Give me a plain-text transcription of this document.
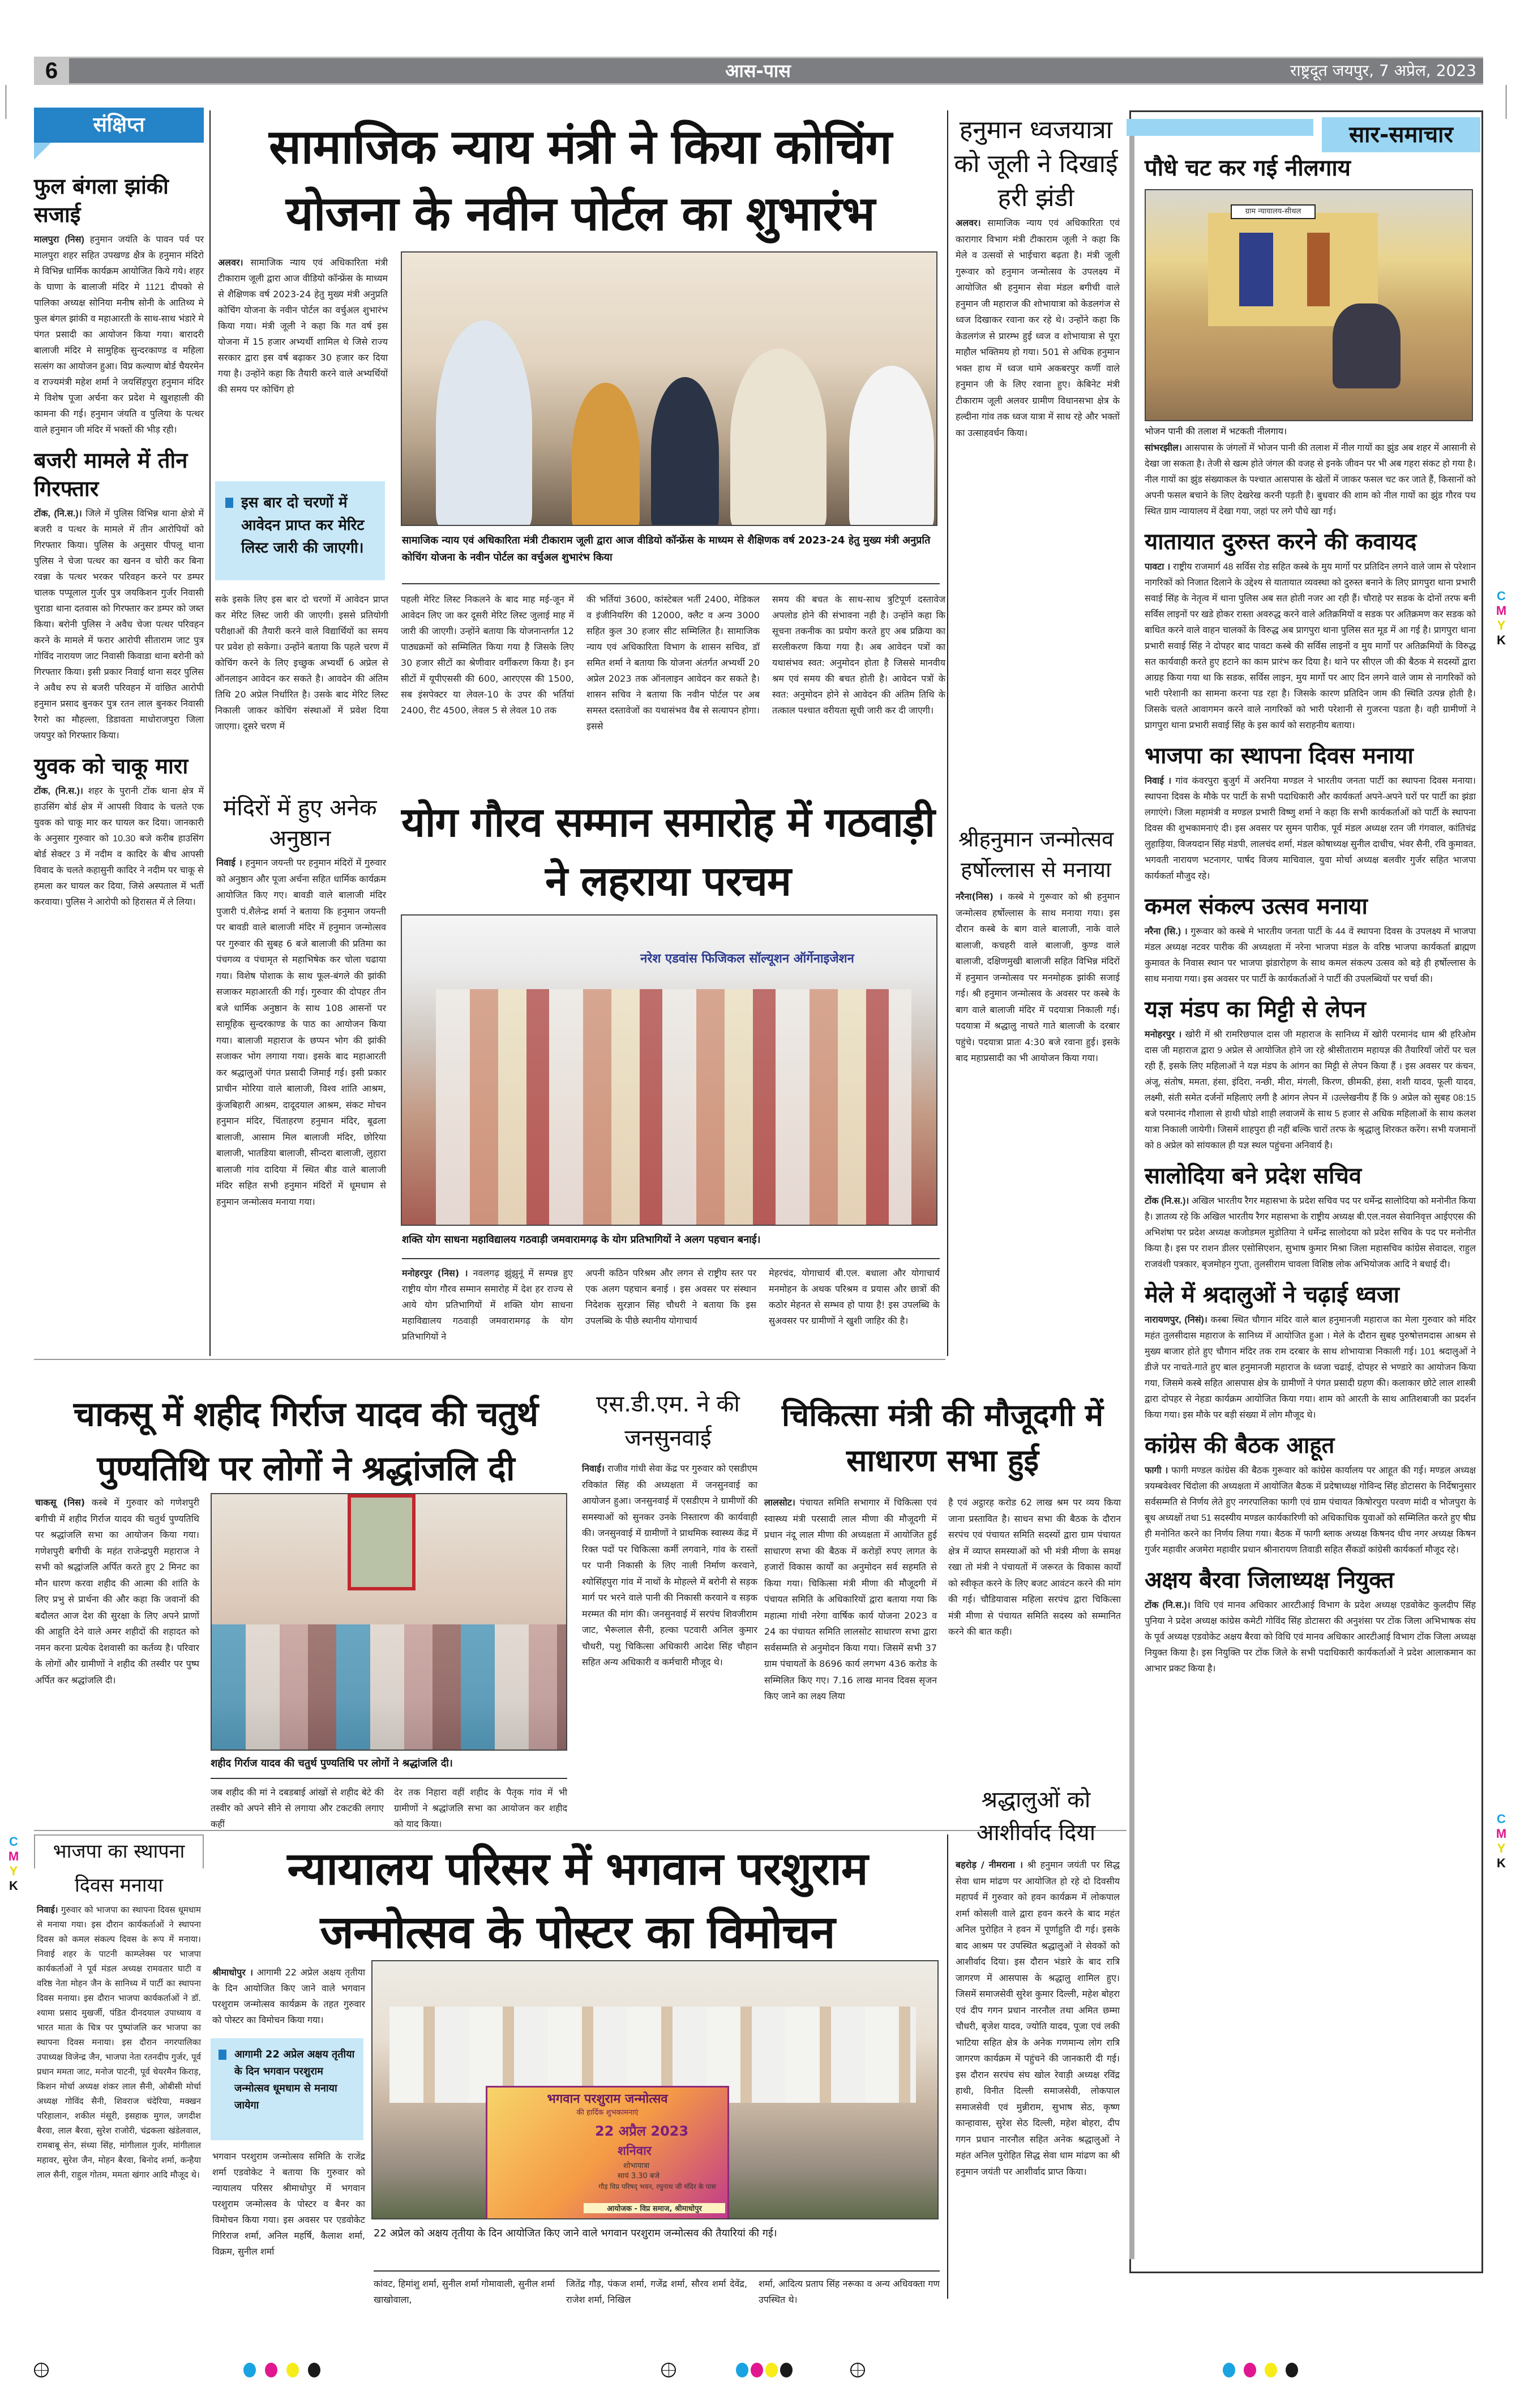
6	आस-पास	राष्ट्रदूत जयपुर, 7 अप्रेल, 2023
संक्षिप्त
फुल बंगला झांकी सजाई
मालपुरा (निस) हनुमान जयंति के पावन पर्व पर मालपुरा शहर सहित उपखण्ड क्षैत्र के हनुमान मंदिरो मे विभिन्न धार्मिक कार्यक्रम आयोजित किये गये। शहर के घाणा के बालाजी मंदिर मे 1121 दीपको से पालिका अध्यक्ष सोनिया मनीष सोनी के आतिथ्य मे फुल बंगल झांकी व महाआरती के साथ-साथ भंडारे मे पंगत प्रसादी का आयोजन किया गया। बारादरी बालाजी मंदिर मे सामुहिक सुन्दरकाण्ड व महिला सत्संग का आयोजन हुआ। विप्र कल्याण बोर्ड चैयरमेन व राज्यमंत्री महेश शर्मा ने जयसिंहपुरा हनुमान मंदिर मे विशेष पूजा अर्चना कर प्रदेश मे खुशहाली की कामना की गई। हनुमान जंयति व पुलिया के पत्थर वाले हनुमान जी मंदिर में भक्तों की भीड़ रही।
बजरी मामले में तीन गिरफ्तार
टोंक, (नि.स.)। जिले में पुलिस विभिन्न थाना क्षेत्रो में बजरी व पत्थर के मामले में तीन आरोपियों को गिरफ्तार किया। पुलिस के अनुसार पीपलू थाना पुलिस ने चेजा पत्थर का खनन व चोरी कर बिना रवन्ना के पत्थर भरकर परिवहन करने पर डम्पर चालक पप्पूलाल गुर्जर पुत्र जयकिशन गुर्जर निवासी चुराडा थाना दतवास को गिरफ्तार कर डम्पर को जब्त किया। बरोनी पुलिस ने अवैध चेजा पत्थर परिवहन करने के मामले में फरार आरोपी सीताराम जाट पुत्र गोविंद नारायण जाट निवासी किवाडा थाना बरोनी को गिरफ्तार किया। इसी प्रकार निवाई थाना सदर पुलिस ने अवैध रुप से बजरी परिवहन में वांछित आरोपी हनुमान प्रसाद बुनकर पुत्र रतन लाल बुनकर निवासी रैगरो का मौहल्ला, डिडावता माधोराजपुरा जिला जयपुर को गिरफ्तार किया।
युवक को चाकू मारा
टोंक, (नि.स.)। शहर के पुरानी टोंक थाना क्षेत्र में हाउसिंग बोर्ड क्षेत्र में आपसी विवाद के चलते एक युवक को चाकू मार कर घायल कर दिया। जानकारी के अनुसार गुरुवार को 10.30 बजे करीब हाउसिंग बोर्ड सेक्टर 3 में नदीम व कादिर के बीच आपसी विवाद के चलते कहासुनी कादिर ने नदीम पर चाकू से हमला कर घायल कर दिया, जिसे अस्पताल में भर्ती करवाया। पुलिस ने आरोपी को हिरासत में ले लिया।
सामाजिक न्याय मंत्री ने किया कोचिंग योजना के नवीन पोर्टल का शुभारंभ
अलवर। सामाजिक न्याय एवं अधिकारिता मंत्री टीकाराम जूली द्वारा आज वीडियो कॉन्फ्रेंस के माध्यम से शैक्षिणक वर्ष 2023-24 हेतु मुख्य मंत्री अनुप्रति कोचिंग योजना के नवीन पोर्टल का वर्चुअल शुभारंभ किया गया। मंत्री जूली ने कहा कि गत वर्ष इस योजना में 15 हजार अभ्यर्थी शामिल थे जिसे राज्य सरकार द्वारा इस वर्ष बढ़ाकर 30 हजार कर दिया गया है। उन्होंने कहा कि तैयारी करने वाले अभ्यर्थियों की समय पर कोचिंग हो
इस बार दो चरणों में आवेदन प्राप्त कर मेरिट लिस्ट जारी की जाएगी।	सामाजिक न्याय एवं अधिकारिता मंत्री टीकाराम जूली द्वारा आज वीडियो कॉन्फ्रेंस के माध्यम से शैक्षिणक वर्ष 2023-24 हेतु मुख्य मंत्री अनुप्रति कोचिंग योजना के नवीन पोर्टल का वर्चुअल शुभारंभ किया
सके इसके लिए इस बार दो चरणों में आवेदन प्राप्त कर मेरिट लिस्ट जारी की जाएगी। इससे प्रतियोगी परीक्षाओं की तैयारी करने वाले विद्यार्थियों का समय पर प्रवेश हो सकेगा। उन्होंने बताया कि पहले चरण में कोचिंग करने के लिए इच्छुक अभ्यर्थी 6 अप्रेल से ऑनलाइन आवेदन कर सकते है। आवदेन की अंतिम तिथि 20 अप्रेल निर्धारित है। उसके बाद मेरिट लिस्ट निकाली जाकर कोचिंग संस्थाओं में प्रवेश दिया जाएगा। दूसरे चरण में
पहली मेरिट लिस्ट निकलने के बाद माह मई-जून में आवेदन लिए जा कर दूसरी मेरिट लिस्ट जुलाई माह में जारी की जाएगी। उन्होंने बताया कि योजनान्तर्गत 12 पाठ्यक्रमों को सम्मिलित किया गया है जिसके लिए 30 हजार सीटों का श्रेणीवार वर्गीकरण किया है। इन सीटों में यूपीएससी की 600, आरएएस की 1500, सब इंसपेक्टर या लेवल-10 के उपर की भर्तियां 2400, रीट 4500, लेवल 5 से लेवल 10 तक
की भर्तियां 3600, कांस्टेबल भर्ती 2400, मेडिकल व इंजीनियरिंग की 12000, क्लैट व अन्य 3000 सहित कुल 30 हजार सीट सम्मिलित है। सामाजिक न्याय एवं अधिकारिता विभाग के शासन सचिव, डॉ समित शर्मा ने बताया कि योजना अंतर्गत अभ्यर्थी 20 अप्रेल 2023 तक ऑनलाइन आवेदन कर सकते है। शासन सचिव ने बताया कि नवीन पोर्टल पर अब समस्त दस्तावेजों का यथासंभव वैब से सत्यापन होगा। इससे
समय की बचत के साथ-साथ त्रुटिपूर्ण दस्तावेज अपलोड होने की संभावना नही है। उन्होंने कहा कि सूचना तकनीक का प्रयोग करते हुए अब प्रक्रिया का सरलीकरण किया गया है। अब आवेदन पत्रों का यथासंभव स्वत: अनुमोदन होता है जिससे मानवीय श्रम एवं समय की बचत होती है। आवेदन पत्रों के स्वत: अनुमोदन होने से आवेदन की अंतिम तिथि के तत्काल पश्चात वरीयता सूची जारी कर दी जाएगी।
हनुमान ध्वजयात्रा को जूली ने दिखाई हरी झंडी
अलवर। सामाजिक न्याय एवं अधिकारिता एवं कारागार विभाग मंत्री टीकाराम जूली ने कहा कि मेले व उत्सवों से भाईचारा बढ़ता है। मंत्री जूली गुरूवार को हनुमान जन्मोत्सव के उपलक्ष्य में आयोजित श्री हनुमान सेवा मंडल बगीची वाले हनुमान जी महाराज की शोभायात्रा को केडलगंज से ध्वज दिखाकर रवाना कर रहे थे। उन्होंने कहा कि केडलगंज से प्रारम्भ हुई ध्वज व शोभायात्रा से पूरा माहौल भक्तिमय हो गया। 501 से अधिक हनुमान भक्त हाथ में ध्वज थामे अकबरपुर कर्णी वाले हनुमान जी के लिए रवाना हुए। केबिनेट मंत्री टीकाराम जूली अलवर ग्रामीण विधानसभा क्षेत्र के हल्दीना गांव तक ध्वज यात्रा में साथ रहे और भक्तों का उत्साहवर्धन किया।
श्रीहनुमान जन्मोत्सव हर्षोल्लास से मनाया
नरैना(निस) । कस्बे मे गुरूवार को श्री हनुमान जन्मोत्सव हर्षोल्लास के साथ मनाया गया। इस दौरान कस्बे के बाग वाले बालाजी, नाके वाले बालाजी, कचहरी वाले बालाजी, कुण्ड वाले बालाजी, दक्षिणमुखी बालाजी सहित विभिन्न मंदिरों में हनुमान जन्मोत्सव पर मनमोहक झांकी सजाई गई। श्री हनुमान जन्मोत्सव के अवसर पर कस्बे के बाग वाले बालाजी मंदिर में पदयात्रा निकाली गई। पदयात्रा में श्रद्धालु नाचते गाते बालाजी के दरबार पहुंचे। पदयात्रा प्रातः 4:30 बजे रवाना हुई। इसके बाद महाप्रसादी का भी आयोजन किया गया।
सार-समाचार
पौधे चट कर गई नीलगाय
ग्राम न्यायालय-सीथल
भोजन पानी की तलाश में भटकती नीलगाय।
सांभरझील। आसपास के जंगलों में भोजन पानी की तलाश में नील गायों का झुंड अब शहर में आसानी से देखा जा सकता है। तेजी से खत्म होते जंगल की वजह से इनके जीवन पर भी अब गहरा संकट हो गया है। नील गायों का झुंड संख्याकल के पश्चात आसपास के खेतों में जाकर फसल चट कर जाते हैं, किसानों को अपनी फसल बचाने के लिए देखरेख करनी पड़ती है। बुधवार की शाम को नील गायों का झुंड गौरव पथ स्थित ग्राम न्यायालय में देखा गया, जहां पर लगे पौधे खा गई।
यातायात दुरुस्त करने की कवायद
पावटा । राष्ट्रीय राजमार्ग 48 सर्विस रोड सहित कस्बे के मुय मार्गो पर प्रतिदिन लगने वाले जाम से परेशान नागरिकों को निजात दिलाने के उद्देश्य से यातायात व्यवस्था को दुरुस्त बनाने के लिए प्रागपुरा थाना प्रभारी सवाई सिंह के नेतृत्व में थाना पुलिस अब सत होती नजर आ रही हैं। चौराहे पर सडक के दोनों तरफ बनी सर्विस लाइनों पर खडे होकर रास्ता अवरुद्ध करने वाले अतिक्रमियों व सडक पर अतिक्रमण कर सडक को बाधित करने वाले वाहन चालकों के विरुद्ध अब प्रागपुरा थाना पुलिस सत मूड में आ गई है। प्रागपुरा थाना प्रभारी सवाई सिंह ने दोपहर बाद पावटा कस्बे की सर्विस लाइनों व मुय मार्गो पर अतिक्रमियों के विरुद्ध सत कार्यवाही करते हुए हटाने का काम प्रारंभ कर दिया है। थाने पर सीएल जी की बैठक मे सदस्यों द्वारा आग्रह किया गया था कि सडक, सर्विस लाइन, मुय मार्गो पर आए दिन लगने वाले जाम से नागरिकों को भारी परेशानी का सामना करना पड रहा है। जिसके कारण प्रतिदिन जाम की स्थिति उत्पन्न होती है। जिसके चलते आवागमन करने वाले नागरिकों को भारी परेशानी से गुजरना पडता है। वही ग्रामीणों ने प्रागपुरा थाना प्रभारी सवाई सिंह के इस कार्य को सराहनीय बताया।
भाजपा का स्थापना दिवस मनाया
निवाई । गांव कंवरपुरा बुजुर्ग में अरनिया मण्डल ने भारतीय जनता पार्टी का स्थापना दिवस मनाया। स्थापना दिवस के मौके पर पार्टी के सभी पदाधिकारी और कार्यकर्ता अपने-अपने घरों पर पार्टी का झंडा लगाएंगे। जिला महामंत्री व मण्डल प्रभारी विष्णु शर्मा ने कहा कि सभी कार्यकर्ताओं को पार्टी के स्थापना दिवस की शुभकामनाएं दी। इस अवसर पर सुमन पारीक, पूर्व मंडल अध्यक्ष रतन जी गंगवाल, कांतिचंद्र लुहाड़िया, विजयदान सिंह मंडपी, लालचंद शर्मा, मंडल कोषाध्यक्ष सुनील दाधीच, भंवर सैनी, रवि कुमावत, भगवती नारायण भटनागर, पार्षद विजय माचिवाल, युवा मोर्चा अध्यक्ष बलवीर गुर्जर सहित भाजपा कार्यकर्ता मौजुद रहे।
कमल संकल्प उत्सव मनाया
नरैना (सि.) । गुरूवार को कस्बे मे भारतीय जनता पार्टी के 44 वें स्थापना दिवस के उपलक्ष्य में भाजपा मंडल अध्यक्ष नटवर पारीक की अध्यक्षता में नरेना भाजपा मंडल के वरिष्ठ भाजपा कार्यकर्ता ब्राह्मण कुमावत के निवास स्थान पर भाजपा झंडारोहण के साथ कमल संकल्प उत्सव को बड़े ही हर्षोल्लास के साथ मनाया गया। इस अवसर पर पार्टी के कार्यकर्ताओं ने पार्टी की उपलब्धियों पर चर्चा की।
यज्ञ मंडप का मिट्टी से लेपन
मनोहरपुर । खोरी में श्री रामरिछपाल दास जी महाराज के सानिध्य में खोरी परमानंद धाम श्री हरिओम दास जी महाराज द्वारा 9 अप्रेल से आयोजित होने जा रहे श्रीसीताराम महायज्ञ की तैयारियाँ जोरों पर चल रही हैं, इसके लिए महिलाओं ने यज्ञ मंडप के आंगन का मिट्टी से लेपन किया हैं । इस अवसर पर कंचन, अंजू, संतोष, ममता, हंसा, इंदिरा, नन्छी, मीरा, मंगली, किरण, छीमकी, हंसा, शशी यादव, फूली यादव, लक्ष्मी, संती समेत दर्जनों महिलाएं लगी है आंगन लेपन में ।उल्लेखनीय हैं कि 9 अप्रेल को सुबह 08:15 बजे परमानंद गौशाला से हाथी घोडो शाही लवाजमें के साथ 5 हजार से अधिक महिलाओं के साथ कलश यात्रा निकाली जायेगी। जिसमें शाहपुरा ही नहीं बल्कि चारों तरफ के श्रृद्धालु शिरकत करेंग। सभी यजमानों को 8 अप्रेल को सांयकाल ही यज्ञ स्थल पहुंचना अनिवार्य है।
सालोदिया बने प्रदेश सचिव
टोंक (नि.स.)। अखिल भारतीय रैगर महासभा के प्रदेश सचिव पद पर धर्मेन्द्र सालोदिया को मनोनीत किया है। ज्ञातव्य रहे कि अखिल भारतीय रैगर महासभा के राष्ट्रीय अध्यक्ष बी.एल.नवल सेवानिवृत्त आईएएस की अभिशंषा पर प्रदेश अध्यक्ष कजोडमल मुडोतिया ने धर्मेन्द्र सालोदया को प्रदेश सचिव के पद पर मनोनीत किया है। इस पर राशन डीलर एसोसिएशन, सुभाष कुमार मिश्रा जिला महासचिव कांग्रेस सेवादल, राहुल राजवंशी पत्रकार, बृजमोहन गुप्ता, तुलसीराम चावला विशिष्ठ लोक अभियोजक आदि ने बधाई दी।
मेले में श्रदालुओं ने चढ़ाई ध्वजा
नारायणपुर, (निसं)। कस्बा स्थित चौगान मंदिर वाले बाल हनुमानजी महाराज का मेला गुरुवार को मंदिर महंत तुलसीदास महाराज के सानिध्य में आयोजित हुआ । मेले के दौरान सुबह पुरुषोत्तमदास आश्रम से मुख्य बाजार होते हुए चौगान मंदिर तक राम दरबार के साथ शोभायात्रा निकाली गई। 101 श्रदालुओं ने डीजे पर नाचते-गाते हुए बाल हनुमानजी महाराज के ध्वजा चढाई, दोपहर से भण्डारे का आयोजन किया गया, जिसमे कस्बे सहित आसपास क्षेत्र के ग्रामीणों ने पंगत प्रसादी ग्रहण की। कलाकार छोटे लाल शास्त्री द्वारा दोपहर से नेहडा कार्यक्रम आयोजित किया गया। शाम को आरती के साथ आतिशबाजी का प्रदर्शन किया गया। इस मौके पर बड़ी संख्या में लोग मौजूद थे।
कांग्रेस की बैठक आहूत
फागी । फागी मण्डल कांग्रेस की बैठक गुरूवार को कांग्रेस कार्यालय पर आहूत की गई। मण्डल अध्यक्ष त्रयम्बवेश्वर चिंदोला की अध्यक्षता में आयोजित बैठक में प्रदेषाध्यक्ष गोविन्द सिंह डोटासरा के निर्देषानुसार सर्वसम्मति से निर्णय लेते हुए नगरपालिका फागी एवं ग्राम पंचायत किषोरपुरा परवण मांदी व भोजपुरा के बूथ अध्यक्षों तथा 51 सदस्यीय मण्डल कार्यकारिणी को अधिकाधिक युवाओं को सम्मिलित करते हुए षीघ्र ही मनोनित करने का निर्णय लिया गया। बैठक में फागी ब्लाक अध्यक्ष किषनद धीच नगर अध्यक्ष किषन गुर्जर महावीर अजमेरा महावीर प्रधान श्रीनारायण तिवाडी सहित सैंकडों कांग्रेसी कार्यकर्ता मौजूद रहे।
अक्षय बैरवा जिलाध्यक्ष नियुक्त
टोंक (नि.स.)। विधि एवं मानव अधिकार आरटीआई विभाग के प्रदेश अध्यक्ष एडवोकेट कुलदीप सिंह पुनिया ने प्रदेश अध्यक्ष कांग्रेस कमेटी गोविंद सिंह डोटासरा की अनुशंसा पर टोंक जिला अभिभाषक संघ के पूर्व अध्यक्ष एडवोकेट अक्षय बैरवा को विधि एवं मानव अधिकार आरटीआई विभाग टोंक जिला अध्यक्ष नियुक्त किया है। इस नियुक्ति पर टोंक जिले के सभी पदाधिकारी कार्यकर्ताओं ने प्रदेश आलाकमान का आभार प्रकट किया है।
C
M
Y
K
C
M
Y
K
C
M
Y
K
मंदिरों में हुए अनेक अनुष्ठान
निवाई । हनुमान जयन्ती पर हनुमान मंदिरों में गुरुवार को अनुष्ठान और पूजा अर्चना सहित धार्मिक कार्यक्रम आयोजित किए गए। बावडी वाले बालाजी मंदिर पुजारी पं.शैलेन्द्र शर्मा ने बताया कि हनुमान जयन्ती पर बावडी वाले बालाजी मंदिर में हनुमान जन्मोत्सव पर गुरुवार की सुबह 6 बजे बालाजी की प्रतिमा का पंचगव्य व पंचामृत से महाभिषेक कर चोला चढाया गया। विशेष पोशाक के साथ फूल-बंगले की झांकी सजाकर महाआरती की गई। गुरुवार की दोपहर तीन बजे धार्मिक अनुष्ठान के साथ 108 आसनों पर सामूहिक सुन्दरकाण्ड के पाठ का आयोजन किया गया। बालाजी महाराज के छप्पन भोग की झांकी सजाकर भोग लगाया गया। इसके बाद महाआरती कर श्रद्धालुओं पंगत प्रसादी जिमाई गई। इसी प्रकार प्राचीन मोरिया वाले बालाजी, विश्व शांति आश्रम, कुंजबिहारी आश्रम, दादूदयाल आश्रम, संकट मोचन हनुमान मंदिर, चिंताहरण हनुमान मंदिर, बूढला बालाजी, आसाम मिल बालाजी मंदिर, छोरिया बालाजी, भातडिया बालाजी, सीन्दरा बालाजी, लुहारा बालाजी गांव दादिया में स्थित बीड वाले बालाजी मंदिर सहित सभी हनुमान मंदिरों में धूमधाम से हनुमान जन्मोत्सव मनाया गया।
योग गौरव सम्मान समारोह में गठवाड़ी ने लहराया परचम
नरेश एडवांस फिजिकल सॉल्यूशन ऑर्गेनाइजेशन
शक्ति योग साधना महाविद्यालय गठवाड़ी जमवारामगढ़ के योग प्रतिभागियों ने अलग पहचान बनाई।
मनोहरपुर (निस) । नवलगढ़ झुंझुनूं में सम्पन्न हुए राष्ट्रीय योग गौरव सम्मान समारोह में देश हर राज्य से आये योग प्रतिभागियों में शक्ति योग साधना महाविद्यालय गठवाड़ी जमवारामगढ़ के योग प्रतिभागियों ने
अपनी कठिन परिश्रम और लगन से राष्ट्रीय स्तर पर एक अलग पहचान बनाई । इस अवसर पर संस्थान निदेशक सुरज्ञान सिंह चौधरी ने बताया कि इस उपलब्धि के पीछे स्थानीय योगाचार्य
मेहरचंद, योगाचार्य बी.एल. बधाला और योगाचार्य मनमोहन के अथक परिश्रम व प्रयास और छात्रों की कठोर मेहनत से सम्भव हो पाया है! इस उपलब्धि के सुअवसर पर ग्रामीणों ने खुशी जाहिर की है।
चाकसू में शहीद गिर्राज यादव की चतुर्थ पुण्यतिथि पर लोगों ने श्रद्धांजलि दी
चाकसू (निस) कस्बे में गुरुवार को गणेशपुरी बगीची में शहीद गिर्राज यादव की चतुर्थ पुण्यतिथि पर श्रद्धांजलि सभा का आयोजन किया गया। गणेशपुरी बगीची के महंत राजेन्द्रपुरी महाराज ने सभी को श्रद्धांजलि अर्पित करते हुए 2 मिनट का मौन धारण करवा शहीद की आत्मा की शांति के लिए प्रभु से प्रार्थना की और कहा कि जवानों की बदौलत आज देश की सुरक्षा के लिए अपने प्राणों की आहुति देने वाले अमर शहीदों की शहादत को नमन करना प्रत्येक देशवासी का कर्तव्य है। परिवार के लोगों और ग्रामीणों ने शहीद की तस्वीर पर पुष्प अर्पित कर श्रद्धांजलि दी।
शहीद गिर्राज यादव की चतुर्थ पुण्यतिथि पर लोगों ने श्रद्धांजलि दी।
जब शहीद की मां ने दबडबाई आंखों से शहीद बेटे की तस्वीर को अपने सीने से लगाया और टकटकी लगाए कहीं
देर तक निहारा वहीं शहीद के पैतृक गांव में भी ग्रामीणों ने श्रद्धांजलि सभा का आयोजन कर शहीद को याद किया।
एस.डी.एम. ने की जनसुनवाई
निवाई। राजीव गांधी सेवा केंद्र पर गुरुवार को एसडीएम रविकांत सिंह की अध्यक्षता में जनसुनवाई का आयोजन हुआ। जनसुनवाई में एसडीएम ने ग्रामीणों की समस्याओं को सुनकर उनके निस्तारण की कार्यवाही की। जनसुनवाई में ग्रामीणों ने प्राथमिक स्वास्थ्य केंद्र में रिक्त पदों पर चिकित्सा कर्मी लगवाने, गांव के रास्तों पर पानी निकासी के लिए नाली निर्माण करवाने, श्योसिंहपुरा गांव में नाथों के मोहल्ले में बरोनी से सड़क मार्ग पर भरने वाले पानी की निकासी करवाने व सड़क मरम्मत की मांग की। जनसुनवाई में सरपंच शिवजीराम जाट, भैरूलाल सैनी, हल्का पटवारी अनिल कुमार चौधरी, पशु चिकित्सा अधिकारी आदेश सिंह चौहान सहित अन्य अधिकारी व कर्मचारी मौजूद थे।
चिकित्सा मंत्री की मौजूदगी में साधारण सभा हुई
लालसोट। पंचायत समिति सभागार में चिकित्सा एवं स्वास्थ्य मंत्री परसादी लाल मीणा की मौजूदगी में प्रधान नंदू लाल मीणा की अध्यक्षता में आयोजित हुई साधारण सभा की बैठक में करोड़ों रुपए लागत के हजारों विकास कार्यों का अनुमोदन सर्व सहमति से किया गया। चिकित्सा मंत्री मीणा की मौजूदगी में पंचायत समिति के अधिकारियों द्वारा बताया गया कि महात्मा गांधी नरेगा वार्षिक कार्य योजना 2023 व 24 का पंचायत समिति लालसोट साधारण सभा द्वारा सर्वसम्मति से अनुमोदन किया गया। जिसमें सभी 37 ग्राम पंचायतों के 8696 कार्य लगभग 436 करोड के सम्मिलित किए गए। 7.16 लाख मानव दिवस सृजन किए जाने का लक्ष्य लिया
है एवं अट्ठारह करोड 62 लाख श्रम पर व्यय किया जाना प्रस्तावित है। साधन सभा की बैठक के दौरान सरपंच एवं पंचायत समिति सदस्यों द्वारा ग्राम पंचायत क्षेत्र में व्याप्त समस्याओं को भी मंत्री मीणा के समक्ष रखा तो मंत्री ने पंचायतों में जरूरत के विकास कार्यों को स्वीकृत करने के लिए बजट आवंटन करने की मांग की गई। चौडियावास महिला सरपंच द्वारा चिकित्सा मंत्री मीणा से पंचायत समिति सदस्य को सम्मानित करने की बात कही।
भाजपा का स्थापना दिवस मनाया
निवाई। गुरुवार को भाजपा का स्थापना दिवस धूमधाम से मनाया गया। इस दौरान कार्यकर्ताओं ने स्थापना दिवस को कमल संकल्प दिवस के रूप में मनाया। निवाई शहर के पाटनी काम्प्लेक्स पर भाजपा कार्यकर्ताओं ने पूर्व मंडल अध्यक्ष रामवतार घाटी व वरिष्ठ नेता मोहन जैन के सानिध्य में पार्टी का स्थापना दिवस मनाया। इस दौरान भाजपा कार्यकर्ताओं ने डॉ. श्यामा प्रसाद मुखर्जी, पंडित दीनदयाल उपाध्याय व भारत माता के चित्र पर पुष्पांजलि कर भाजपा का स्थापना दिवस मनाया। इस दौरान नगरपालिका उपाध्यक्ष विजेन्द्र जैन, भाजपा नेता रतनदीप गुर्जर, पूर्व प्रधान ममता जाट, मनोज पाटनी, पूर्व चेयरमैन किराड़, किशन मोर्चा अध्यक्ष शंकर लाल सैनी, ओबीसी मोर्चा अध्यक्ष गोविंद सैनी, शिवराज चंदेरिया, मक्खन परिहालान, शकील मंसूरी, इसहाक मुगल, जगदीश बैरवा, लाल बैरवा, सुरेश राजोरी, चंद्रकला खंडेलवाल, रामबाबू सेन, संध्या सिंह, मांगीलाल गुर्जर, मांगीलाल महावर, सुरेश जैन, मोहन बैरवा, बिनोद शर्मा, कन्हैया लाल सैनी, राहुल गोतम, ममता खंगार आदि मौजूद थे।
न्यायालय परिसर में भगवान परशुराम जन्मोत्सव के पोस्टर का विमोचन
श्रीमाधोपुर । आगामी 22 अप्रेल अक्षय तृतीया के दिन आयोजित किए जाने वाले भगवान परशुराम जन्मोत्सव कार्यक्रम के तहत गुरुवार को पोस्टर का विमोचन किया गया।
आगामी 22 अप्रेल अक्षय तृतीया के दिन भगवान परशुराम जन्मोत्सव धूमधाम से मनाया जायेगा
भगवान परशुराम जन्मोत्सव समिति के राजेंद्र शर्मा एडवोकेट ने बताया कि गुरुवार को न्यायालय परिसर श्रीमाधोपुर में भगवान परशुराम जन्मोत्सव के पोस्टर व बैनर का विमोचन किया गया। इस अवसर पर एडवोकेट गिरिराज शर्मा, अनिल महर्षि, कैलाश शर्मा, विक्रम, सुनील शर्मा
भगवान परशुराम जन्मोत्सव
की हार्दिक शुभकामनाएं
22 अप्रैल 2023
शनिवार
शोभायात्रा
सायं 3.30 बजे
गौड़ विप्र परिषद् भवन, रघुनाथ जी मंदिर के पास
आयोजक - विप्र समाज, श्रीमाधोपुर
22 अप्रेल को अक्षय तृतीया के दिन आयोजित किए जाने वाले भगवान परशुराम जन्मोत्सव की तैयारियां की गई।
कांवट, हिमांशु शर्मा, सुनील शर्मा गोमावाली, सुनील शर्मा खाखोवाला,
जितेंद्र गौड़, पंकज शर्मा, गजेंद्र शर्मा, सौरव शर्मा देवेंद्र, राजेश शर्मा, निखिल
शर्मा, आदित्य प्रताप सिंह नरूका व अन्य अधिवक्ता गण उपस्थित थे।
श्रद्धालुओं को आशीर्वाद दिया
बहरोड़ / नीमराना । श्री हनुमान जयंती पर सिद्ध सेवा धाम मांढण पर आयोजित हो रहे दो दिवसीय महापर्व में गुरुवार को हवन कार्यक्रम में लोकपाल शर्मा कोसली वाले द्वारा हवन करने के बाद महंत अनिल पुरोहित ने हवन में पूर्णाहुति दी गई। इसके बाद आश्रम पर उपस्थित श्रद्धालुओं ने सेवकों को आशीर्वाद दिया। इस दौरान भंडारे के बाद रात्रि जागरण में आसपास के श्रद्धालु शामिल हुए। जिसमें समाजसेवी सुरेश कुमार दिल्ली, महेश बोहरा एवं दीप गगन प्रधान नारनौल तथा अमित छम्मा चौधरी, बृजेश यादव, ज्योति यादव, पूजा एवं लकी भाटिया सहित क्षेत्र के अनेक गणमान्य लोग रात्रि जागरण कार्यक्रम में पहुंचने की जानकारी दी गई। इस दौरान सरपंच संघ खोल रेवाड़ी अध्यक्ष रविंद्र हाथी, विनीत दिल्ली समाजसेवी, लोकपाल समाजसेवी एवं मुन्नीराम, सुभाष सेठ, कृष्ण कान्हावास, सुरेश सेठ दिल्ली, महेश बोहरा, दीप गगन प्रधान नारनौल सहित अनेक श्रद्धालुओं ने महंत अनिल पुरोहित सिद्ध सेवा धाम मांढण का श्री हनुमान जयंती पर आशीर्वाद प्राप्त किया।
